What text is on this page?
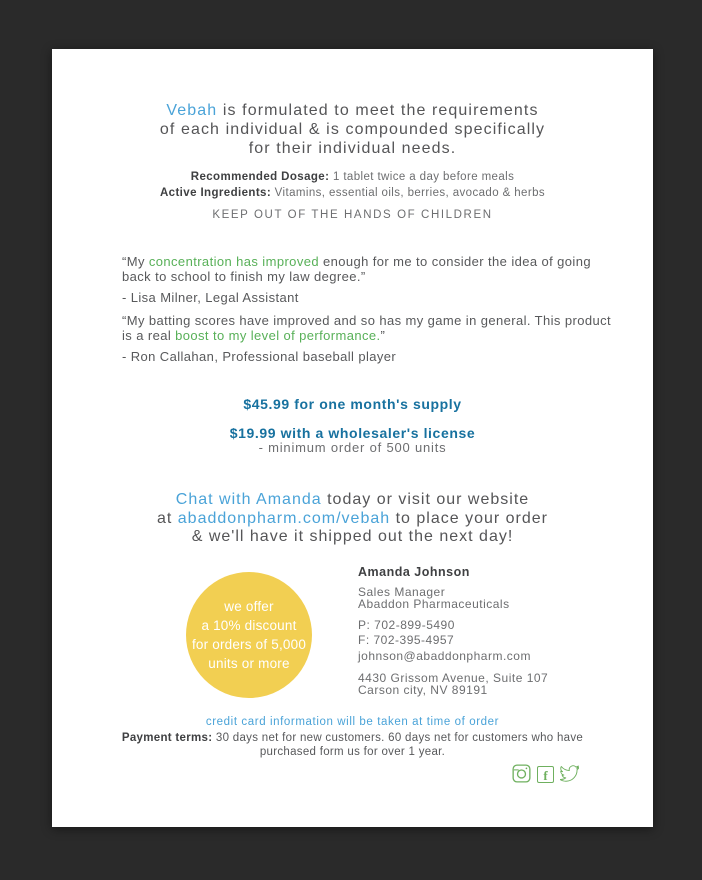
Vebah is formulated to meet the requirements
of each individual & is compounded specifically
for their individual needs.
Recommended Dosage: 1 tablet twice a day before meals
Active Ingredients: Vitamins, essential oils, berries, avocado & herbs
KEEP OUT OF THE HANDS OF CHILDREN
“My concentration has improved enough for me to consider the idea of going back to school to finish my law degree.”
- Lisa Milner, Legal Assistant
“My batting scores have improved and so has my game in general. This product is a real boost to my level of performance.”
- Ron Callahan, Professional baseball player
$45.99 for one month's supply
$19.99 with a wholesaler's license
- minimum order of 500 units
Chat with Amanda today or visit our website
at abaddonpharm.com/vebah to place your order
& we'll have it shipped out the next day!
we offer
a 10% discount
for orders of 5,000
units or more
Amanda Johnson
Sales Manager
Abaddon Pharmaceuticals
P: 702-899-5490
F: 702-395-4957
johnson@abaddonpharm.com
4430 Grissom Avenue, Suite 107
Carson city, NV 89191
credit card information will be taken at time of order
Payment terms: 30 days net for new customers. 60 days net for customers who have purchased form us for over 1 year.
f
